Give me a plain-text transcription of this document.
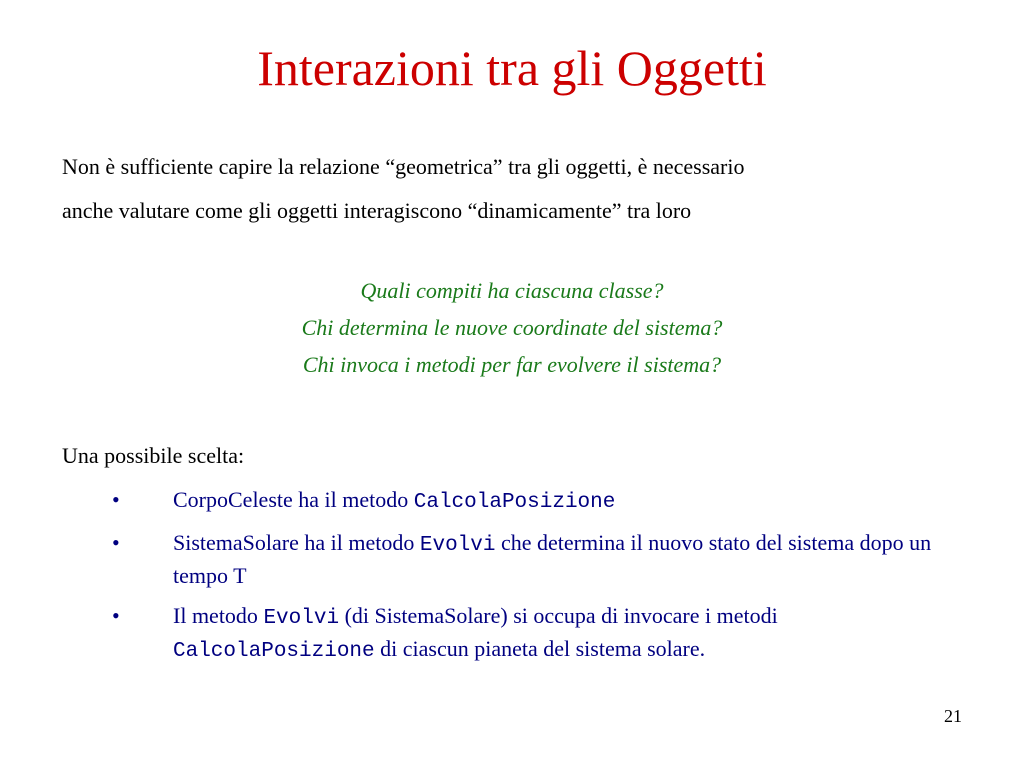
Interazioni tra gli Oggetti
Non è sufficiente capire la relazione “geometrica” tra gli oggetti, è necessario
anche valutare come gli oggetti interagiscono “dinamicamente” tra loro
Quali compiti ha ciascuna classe?
Chi determina le nuove coordinate del sistema?
Chi invoca i metodi per far evolvere il sistema?
Una possibile scelta:
• CorpoCeleste ha il metodo CalcolaPosizione
• SistemaSolare ha il metodo Evolvi che determina il nuovo stato del sistema dopo un tempo T
• Il metodo Evolvi (di SistemaSolare) si occupa di invocare i metodi CalcolaPosizione di ciascun pianeta del sistema solare.
21
